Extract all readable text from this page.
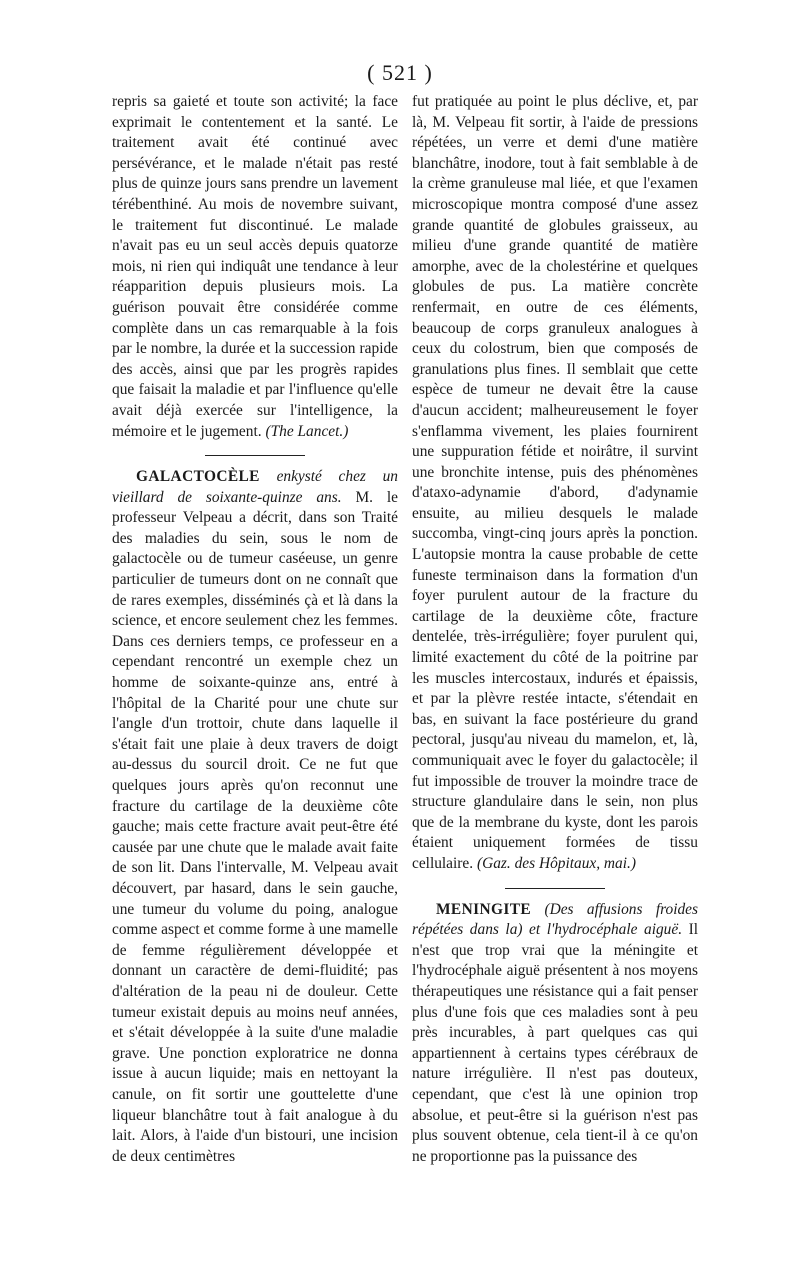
( 521 )

repris sa gaieté et toute son activité; la face exprimait le contentement et la santé. Le traitement avait été continué avec persévérance, et le malade n'était pas resté plus de quinze jours sans prendre un lavement térébenthiné. Au mois de novembre suivant, le traitement fut discontinué. Le malade n'avait pas eu un seul accès depuis quatorze mois, ni rien qui indiquât une tendance à leur réapparition depuis plusieurs mois. La guérison pouvait être considérée comme complète dans un cas remarquable à la fois par le nombre, la durée et la succession rapide des accès, ainsi que par les progrès rapides que faisait la maladie et par l'influence qu'elle avait déjà exercée sur l'intelligence, la mémoire et le jugement. (The Lancet.)

GALACTOCÈLE enkysté chez un vieillard de soixante-quinze ans. M. le professeur Velpeau a décrit, dans son Traité des maladies du sein, sous le nom de galactocèle ou de tumeur caséeuse, un genre particulier de tumeurs dont on ne connaît que de rares exemples, disséminés çà et là dans la science, et encore seulement chez les femmes. Dans ces derniers temps, ce professeur en a cependant rencontré un exemple chez un homme de soixante-quinze ans, entré à l'hôpital de la Charité pour une chute sur l'angle d'un trottoir, chute dans laquelle il s'était fait une plaie à deux travers de doigt au-dessus du sourcil droit. Ce ne fut que quelques jours après qu'on reconnut une fracture du cartilage de la deuxième côte gauche; mais cette fracture avait peut-être été causée par une chute que le malade avait faite de son lit. Dans l'intervalle, M. Velpeau avait découvert, par hasard, dans le sein gauche, une tumeur du volume du poing, analogue comme aspect et comme forme à une mamelle de femme régulièrement développée et donnant un caractère de demi-fluidité; pas d'altération de la peau ni de douleur. Cette tumeur existait depuis au moins neuf années, et s'était développée à la suite d'une maladie grave. Une ponction exploratrice ne donna issue à aucun liquide; mais en nettoyant la canule, on fit sortir une gouttelette d'une liqueur blanchâtre tout à fait analogue à du lait. Alors, à l'aide d'un bistouri, une incision de deux centimètres

fut pratiquée au point le plus déclive, et, par là, M. Velpeau fit sortir, à l'aide de pressions répétées, un verre et demi d'une matière blanchâtre, inodore, tout à fait semblable à de la crème granuleuse mal liée, et que l'examen microscopique montra composé d'une assez grande quantité de globules graisseux, au milieu d'une grande quantité de matière amorphe, avec de la cholestérine et quelques globules de pus. La matière concrète renfermait, en outre de ces éléments, beaucoup de corps granuleux analogues à ceux du colostrum, bien que composés de granulations plus fines. Il semblait que cette espèce de tumeur ne devait être la cause d'aucun accident; malheureusement le foyer s'enflamma vivement, les plaies fournirent une suppuration fétide et noirâtre, il survint une bronchite intense, puis des phénomènes d'ataxo-adynamie d'abord, d'adynamie ensuite, au milieu desquels le malade succomba, vingt-cinq jours après la ponction. L'autopsie montra la cause probable de cette funeste terminaison dans la formation d'un foyer purulent autour de la fracture du cartilage de la deuxième côte, fracture dentelée, très-irrégulière; foyer purulent qui, limité exactement du côté de la poitrine par les muscles intercostaux, indurés et épaissis, et par la plèvre restée intacte, s'étendait en bas, en suivant la face postérieure du grand pectoral, jusqu'au niveau du mamelon, et, là, communiquait avec le foyer du galactocèle; il fut impossible de trouver la moindre trace de structure glandulaire dans le sein, non plus que de la membrane du kyste, dont les parois étaient uniquement formées de tissu cellulaire. (Gaz. des Hôpitaux, mai.)

MENINGITE (Des affusions froides répétées dans la) et l'hydrocéphale aiguë. Il n'est que trop vrai que la méningite et l'hydrocéphale aiguë présentent à nos moyens thérapeutiques une résistance qui a fait penser plus d'une fois que ces maladies sont à peu près incurables, à part quelques cas qui appartiennent à certains types cérébraux de nature irrégulière. Il n'est pas douteux, cependant, que c'est là une opinion trop absolue, et peut-être si la guérison n'est pas plus souvent obtenue, cela tient-il à ce qu'on ne proportionne pas la puissance des
